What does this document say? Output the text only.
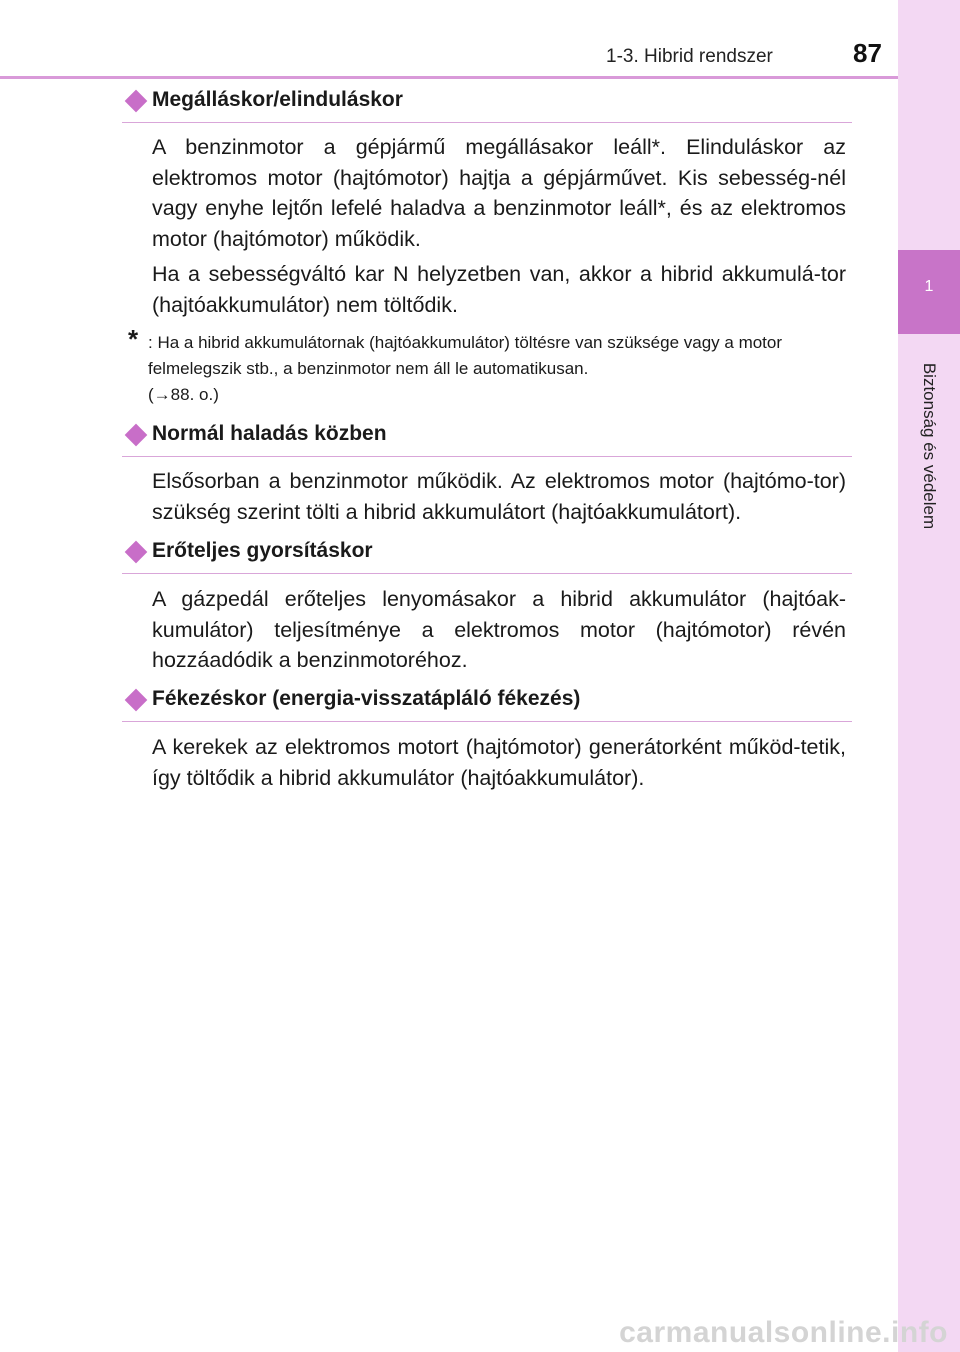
1-3. Hibrid rendszer	87
1
Biztonság és védelem
Megálláskor/elinduláskor
A benzinmotor a gépjármű megállásakor leáll*. Elinduláskor az elektromos motor (hajtómotor) hajtja a gépjárművet. Kis sebesség-nél vagy enyhe lejtőn lefelé haladva a benzinmotor leáll*, és az elektromos motor (hajtómotor) működik.
Ha a sebességváltó kar N helyzetben van, akkor a hibrid akkumulá-tor (hajtóakkumulátor) nem töltődik.
* : Ha a hibrid akkumulátornak (hajtóakkumulátor) töltésre van szüksége vagy a motor felmelegszik stb., a benzinmotor nem áll le automatikusan.
(→88. o.)
Normál haladás közben
Elsősorban a benzinmotor működik. Az elektromos motor (hajtómo-tor) szükség szerint tölti a hibrid akkumulátort (hajtóakkumulátort).
Erőteljes gyorsításkor
A gázpedál erőteljes lenyomásakor a hibrid akkumulátor (hajtóak-kumulátor) teljesítménye a elektromos motor (hajtómotor) révén hozzáadódik a benzinmotoréhoz.
Fékezéskor (energia-visszatápláló fékezés)
A kerekek az elektromos motort (hajtómotor) generátorként működ-tetik, így töltődik a hibrid akkumulátor (hajtóakkumulátor).
carmanualsonline.info
